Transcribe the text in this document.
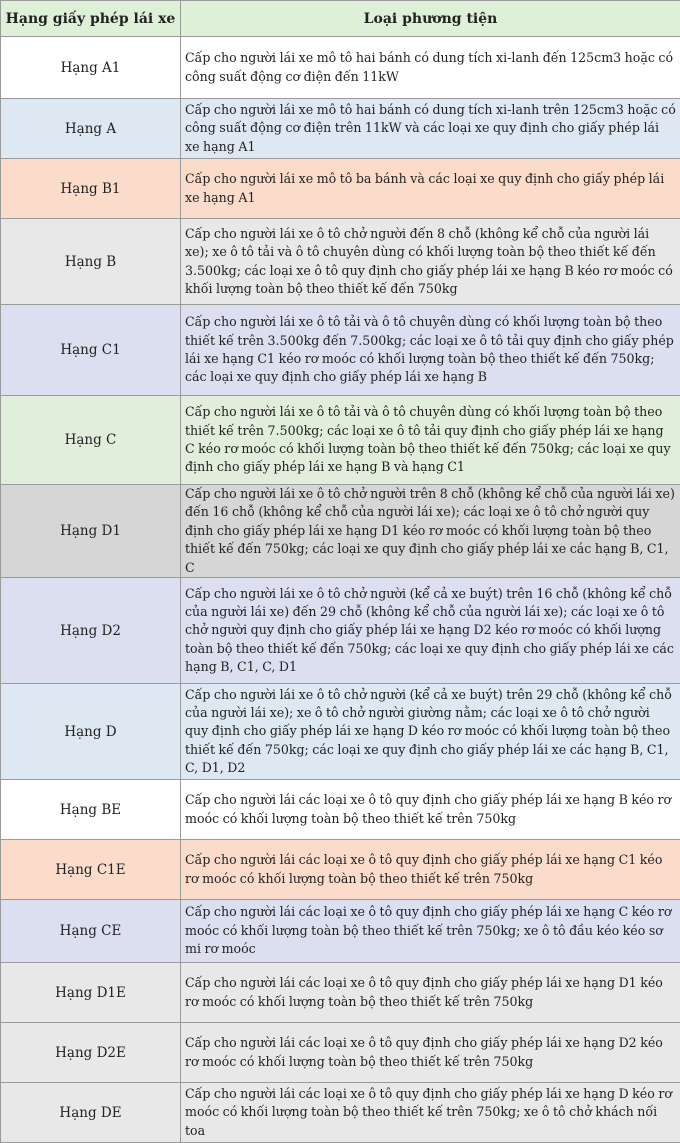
Hạng giấy phép lái xe	Loại phương tiện
Hạng A1	Cấp cho người lái xe mô tô hai bánh có dung tích xi-lanh đến 125cm3 hoặc có công suất động cơ điện đến 11kW
Hạng A	Cấp cho người lái xe mô tô hai bánh có dung tích xi-lanh trên 125cm3 hoặc có công suất động cơ điện trên 11kW và các loại xe quy định cho giấy phép lái xe hạng A1
Hạng B1	Cấp cho người lái xe mô tô ba bánh và các loại xe quy định cho giấy phép lái xe hạng A1
Hạng B	Cấp cho người lái xe ô tô chở người đến 8 chỗ (không kể chỗ của người lái xe); xe ô tô tải và ô tô chuyên dùng có khối lượng toàn bộ theo thiết kế đến 3.500kg; các loại xe ô tô quy định cho giấy phép lái xe hạng B kéo rơ moóc có khối lượng toàn bộ theo thiết kế đến 750kg
Hạng C1	Cấp cho người lái xe ô tô tải và ô tô chuyên dùng có khối lượng toàn bộ theo thiết kế trên 3.500kg đến 7.500kg; các loại xe ô tô tải quy định cho giấy phép lái xe hạng C1 kéo rơ moóc có khối lượng toàn bộ theo thiết kế đến 750kg; các loại xe quy định cho giấy phép lái xe hạng B
Hạng C	Cấp cho người lái xe ô tô tải và ô tô chuyên dùng có khối lượng toàn bộ theo thiết kế trên 7.500kg; các loại xe ô tô tải quy định cho giấy phép lái xe hạng C kéo rơ moóc có khối lượng toàn bộ theo thiết kế đến 750kg; các loại xe quy định cho giấy phép lái xe hạng B và hạng C1
Hạng D1	Cấp cho người lái xe ô tô chở người trên 8 chỗ (không kể chỗ của người lái xe) đến 16 chỗ (không kể chỗ của người lái xe); các loại xe ô tô chở người quy định cho giấy phép lái xe hạng D1 kéo rơ moóc có khối lượng toàn bộ theo thiết kế đến 750kg; các loại xe quy định cho giấy phép lái xe các hạng B, C1, C
Hạng D2	Cấp cho người lái xe ô tô chở người (kể cả xe buýt) trên 16 chỗ (không kể chỗ của người lái xe) đến 29 chỗ (không kể chỗ của người lái xe); các loại xe ô tô chở người quy định cho giấy phép lái xe hạng D2 kéo rơ moóc có khối lượng toàn bộ theo thiết kế đến 750kg; các loại xe quy định cho giấy phép lái xe các hạng B, C1, C, D1
Hạng D	Cấp cho người lái xe ô tô chở người (kể cả xe buýt) trên 29 chỗ (không kể chỗ của người lái xe); xe ô tô chở người giường nằm; các loại xe ô tô chở người quy định cho giấy phép lái xe hạng D kéo rơ moóc có khối lượng toàn bộ theo thiết kế đến 750kg; các loại xe quy định cho giấy phép lái xe các hạng B, C1, C, D1, D2
Hạng BE	Cấp cho người lái các loại xe ô tô quy định cho giấy phép lái xe hạng B kéo rơ moóc có khối lượng toàn bộ theo thiết kế trên 750kg
Hạng C1E	Cấp cho người lái các loại xe ô tô quy định cho giấy phép lái xe hạng C1 kéo rơ moóc có khối lượng toàn bộ theo thiết kế trên 750kg
Hạng CE	Cấp cho người lái các loại xe ô tô quy định cho giấy phép lái xe hạng C kéo rơ moóc có khối lượng toàn bộ theo thiết kế trên 750kg; xe ô tô đầu kéo kéo sơ mi rơ moóc
Hạng D1E	Cấp cho người lái các loại xe ô tô quy định cho giấy phép lái xe hạng D1 kéo rơ moóc có khối lượng toàn bộ theo thiết kế trên 750kg
Hạng D2E	Cấp cho người lái các loại xe ô tô quy định cho giấy phép lái xe hạng D2 kéo rơ moóc có khối lượng toàn bộ theo thiết kế trên 750kg
Hạng DE	Cấp cho người lái các loại xe ô tô quy định cho giấy phép lái xe hạng D kéo rơ moóc có khối lượng toàn bộ theo thiết kế trên 750kg; xe ô tô chở khách nối toa
